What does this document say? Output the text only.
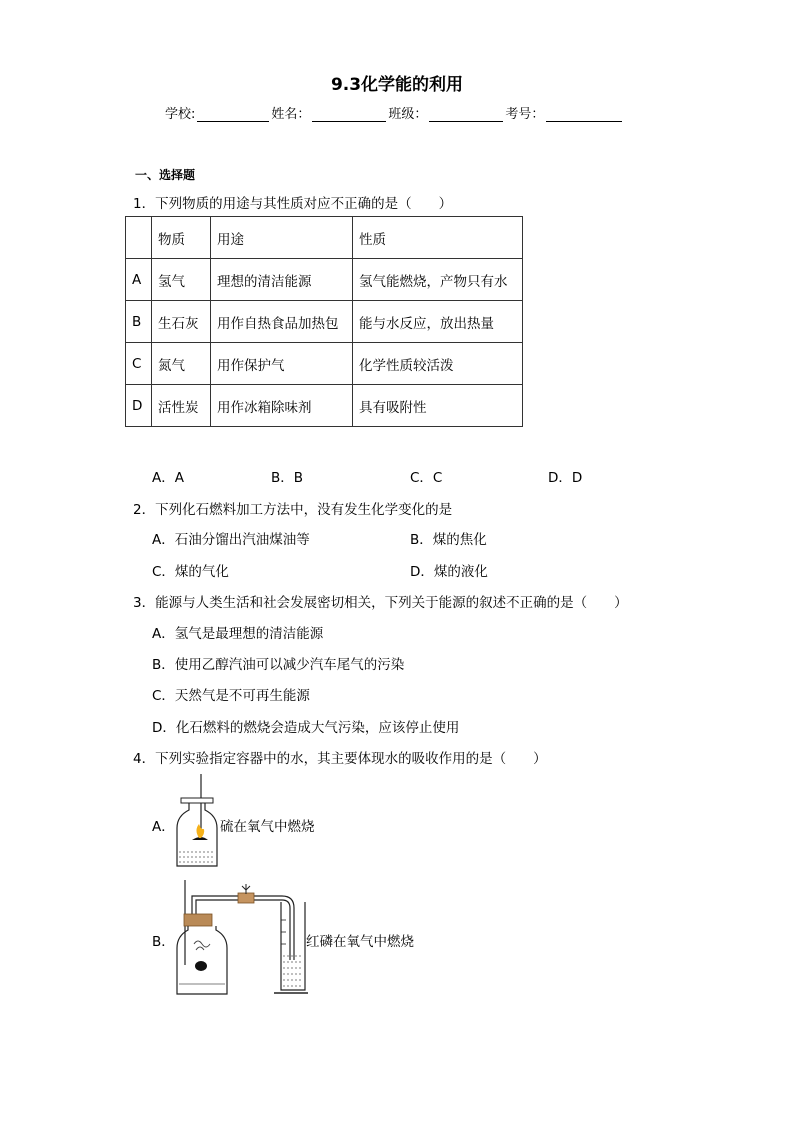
9.3化学能的利用
学校:	姓名：	班级：	考号：
一、选择题
1．下列物质的用途与其性质对应不正确的是（　　）
	物质	用途	性质
A	氢气	理想的清洁能源	氢气能燃烧，产物只有水
B	生石灰	用作自热食品加热包	能与水反应，放出热量
C	氮气	用作保护气	化学性质较活泼
D	活性炭	用作冰箱除味剂	具有吸附性
A．A	B．B	C．C	D．D
2．下列化石燃料加工方法中，没有发生化学变化的是
A．石油分馏出汽油煤油等	B．煤的焦化
C．煤的气化	D．煤的液化
3．能源与人类生活和社会发展密切相关，下列关于能源的叙述不正确的是（　　）
A．氢气是最理想的清洁能源
B．使用乙醇汽油可以减少汽车尾气的污染
C．天然气是不可再生能源
D．化石燃料的燃烧会造成大气污染，应该停止使用
4．下列实验指定容器中的水，其主要体现水的吸收作用的是（　　）
A．	硫在氧气中燃烧
B．	红磷在氧气中燃烧
